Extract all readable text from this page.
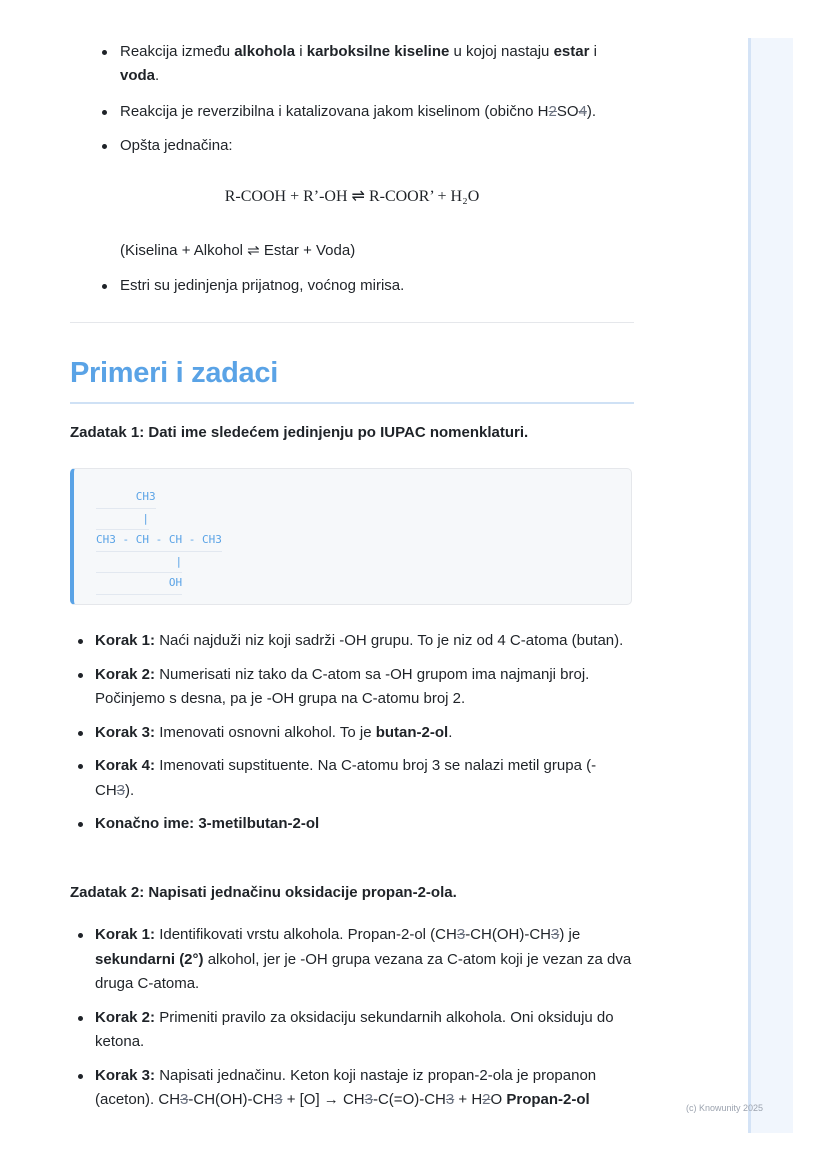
Reakcija između alkohola i karboksilne kiseline u kojoj nastaju estar i voda.
Reakcija je reverzibilna i katalizovana jakom kiselinom (obično H2SO4).
Opšta jednačina:

R-COOH + R’-OH ⇌ R-COOR’ + H₂O

(Kiselina + Alkohol ⇌ Estar + Voda)
Estri su jedinjenja prijatnog, voćnog mirisa.
Primeri i zadaci
Zadatak 1: Dati ime sledećem jedinjenju po IUPAC nomenklaturi.
CH3
|
CH3 - CH - CH - CH3
|
OH
Korak 1: Naći najduži niz koji sadrži -OH grupu. To je niz od 4 C-atoma (butan).
Korak 2: Numerisati niz tako da C-atom sa -OH grupom ima najmanji broj. Počinjemo s desna, pa je -OH grupa na C-atomu broj 2.
Korak 3: Imenovati osnovni alkohol. To je butan-2-ol.
Korak 4: Imenovati supstituente. Na C-atomu broj 3 se nalazi metil grupa (-CH3).
Konačno ime: 3-metilbutan-2-ol
Zadatak 2: Napisati jednačinu oksidacije propan-2-ola.
Korak 1: Identifikovati vrstu alkohola. Propan-2-ol (CH3-CH(OH)-CH3) je sekundarni (2°) alkohol, jer je -OH grupa vezana za C-atom koji je vezan za dva druga C-atoma.
Korak 2: Primeniti pravilo za oksidaciju sekundarnih alkohola. Oni oksiduju do ketona.
Korak 3: Napisati jednačinu. Keton koji nastaje iz propan-2-ola je propanon (aceton). CH3-CH(OH)-CH3 + [O] → CH3-C(=O)-CH3 + H2O Propan-2-ol	(c) Knowunity 2025
